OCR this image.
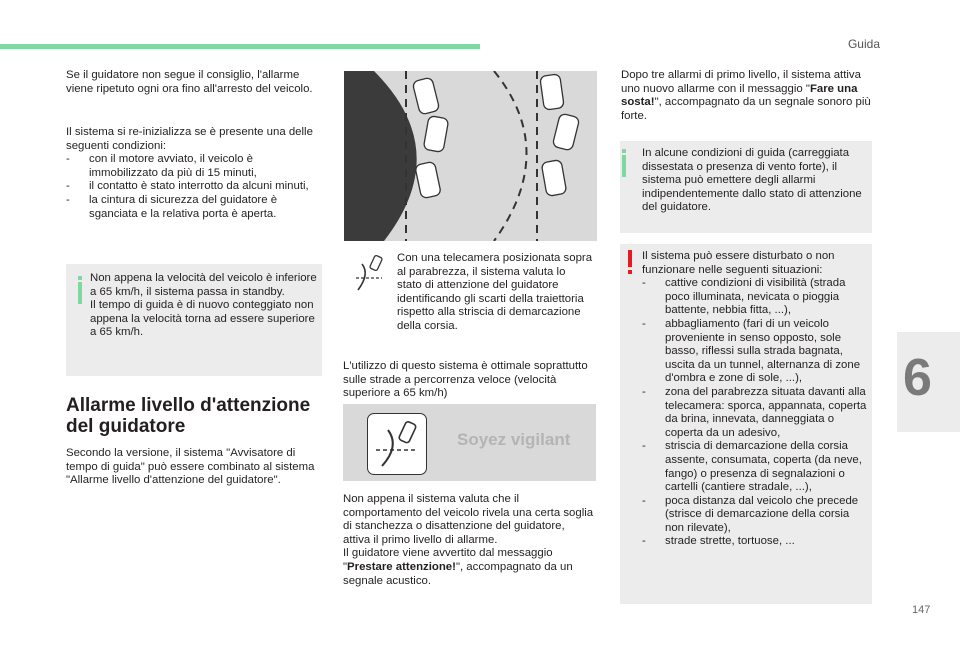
Guida
6
147

Se il guidatore non segue il consiglio, l'allarme viene ripetuto ogni ora fino all'arresto del veicolo.

Il sistema si re-inizializza se è presente una delle seguenti condizioni:

- con il motore avviato, il veicolo è immobilizzato da più di 15 minuti,
- il contatto è stato interrotto da alcuni minuti,
- la cintura di sicurezza del guidatore è sganciata e la relativa porta è aperta.

Non appena la velocità del veicolo è inferiore a 65 km/h, il sistema passa in standby.

Il tempo di guida è di nuovo conteggiato non appena la velocità torna ad essere superiore a 65 km/h.

Allarme livello d'attenzione del guidatore

Secondo la versione, il sistema "Avvisatore di tempo di guida" può essere combinato al sistema "Allarme livello d'attenzione del guidatore".

Con una telecamera posizionata sopra al parabrezza, il sistema valuta lo stato di attenzione del guidatore identificando gli scarti della traiettoria rispetto alla striscia di demarcazione della corsia.

L'utilizzo di questo sistema è ottimale soprattutto sulle strade a percorrenza veloce (velocità superiore a 65 km/h)

Soyez vigilant

Non appena il sistema valuta che il comportamento del veicolo rivela una certa soglia di stanchezza o disattenzione del guidatore, attiva il primo livello di allarme.

Il guidatore viene avvertito dal messaggio "Prestare attenzione!", accompagnato da un segnale acustico.

Dopo tre allarmi di primo livello, il sistema attiva uno nuovo allarme con il messaggio "Fare una sosta!", accompagnato da un segnale sonoro più forte.

In alcune condizioni di guida (carreggiata dissestata o presenza di vento forte), il sistema può emettere degli allarmi indipendentemente dallo stato di attenzione del guidatore.

Il sistema può essere disturbato o non funzionare nelle seguenti situazioni:

- cattive condizioni di visibilità (strada poco illuminata, nevicata o pioggia battente, nebbia fitta, ...),
- abbagliamento (fari di un veicolo proveniente in senso opposto, sole basso, riflessi sulla strada bagnata, uscita da un tunnel, alternanza di zone d'ombra e zone di sole, ...),
- zona del parabrezza situata davanti alla telecamera: sporca, appannata, coperta da brina, innevata, danneggiata o coperta da un adesivo,
- striscia di demarcazione della corsia assente, consumata, coperta (da neve, fango) o presenza di segnalazioni o cartelli (cantiere stradale, ...),
- poca distanza dal veicolo che precede (strisce di demarcazione della corsia non rilevate),
- strade strette, tortuose, ...
